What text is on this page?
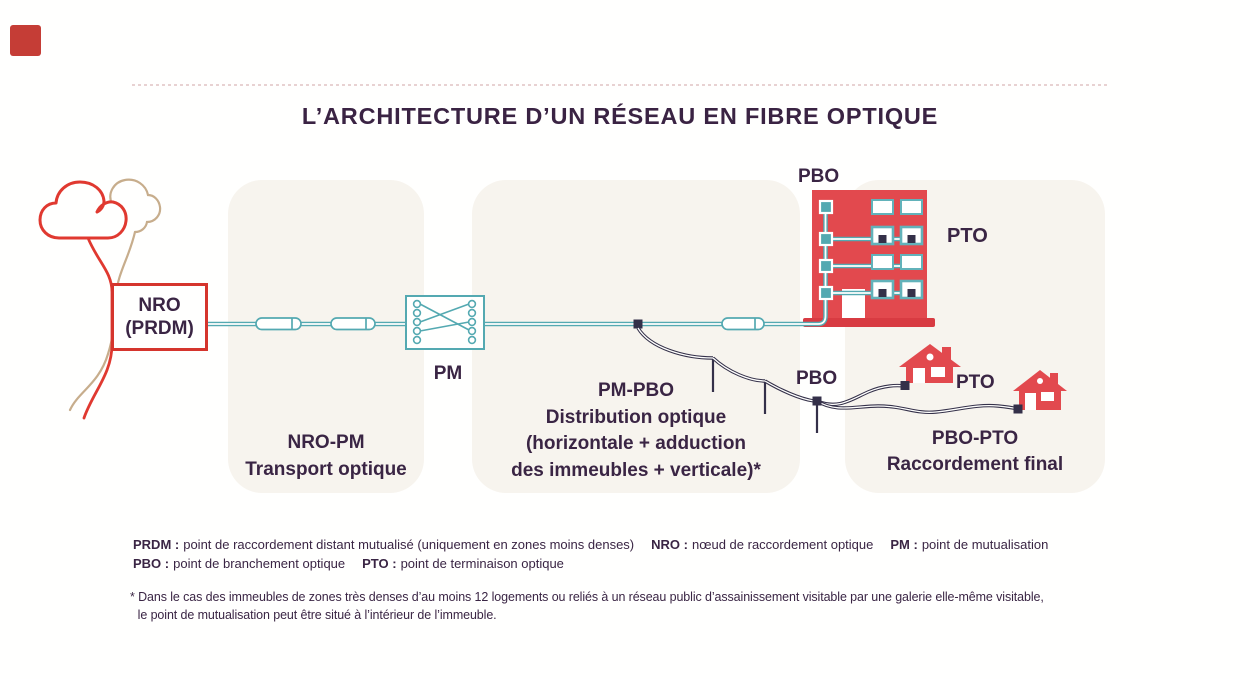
L’ARCHITECTURE D’UN RÉSEAU EN FIBRE OPTIQUE
NRO
(PRDM)
PM
PBO
PTO
PBO	PTO
NRO-PM
Transport optique
PM-PBO
Distribution optique
(horizontale + adduction
des immeubles + verticale)*
PBO-PTO
Raccordement final
PRDM : point de raccordement distant mutualisé (uniquement en zones moins denses) NRO : nœud de raccordement optique PM : point de mutualisation
PBO : point de branchement optique PTO : point de terminaison optique
* Dans le cas des immeubles de zones très denses d’au moins 12 logements ou reliés à un réseau public d’assainissement visitable par une galerie elle-même visitable,
le point de mutualisation peut être situé à l’intérieur de l’immeuble.
